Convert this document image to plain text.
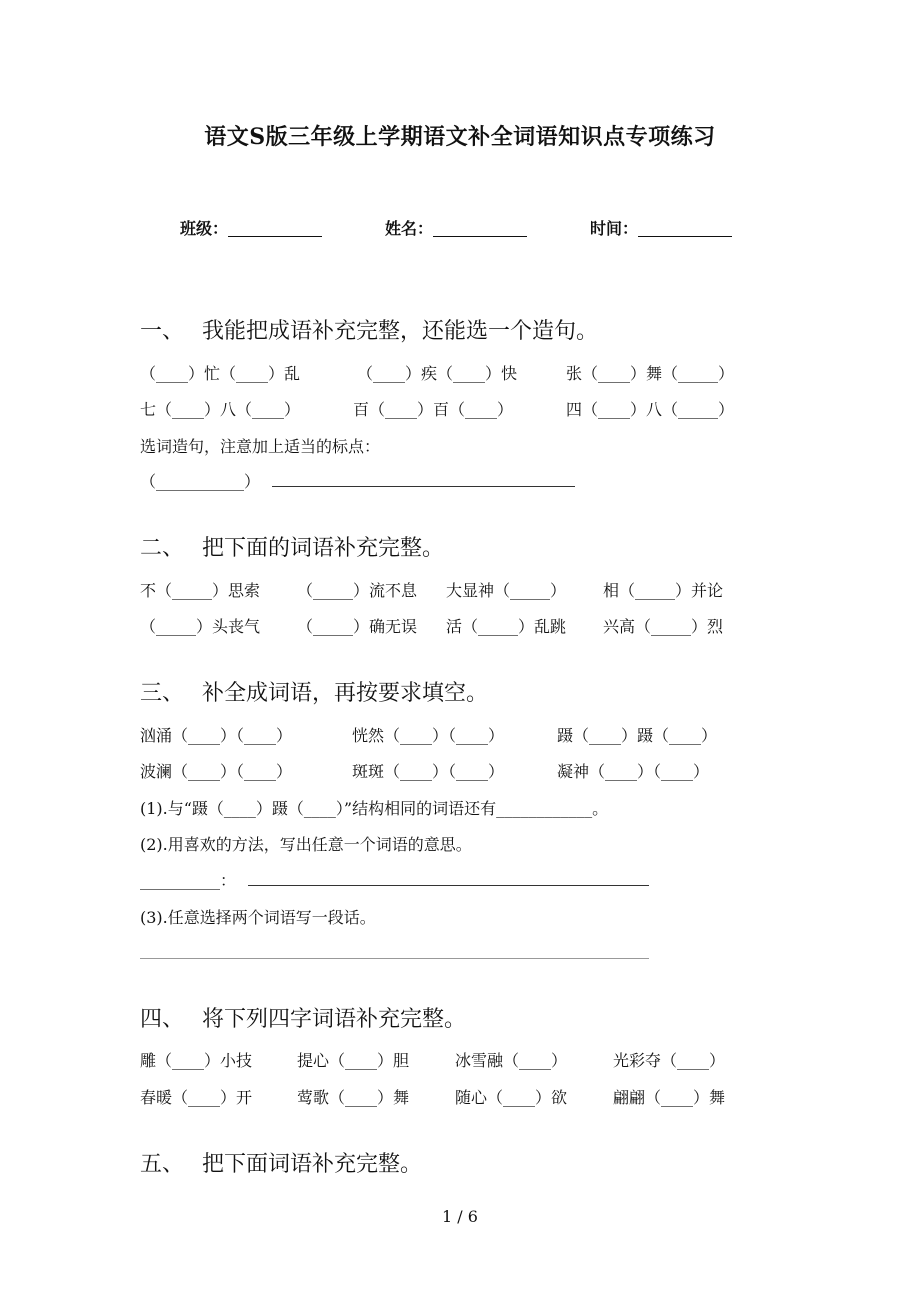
语文S版三年级上学期语文补全词语知识点专项练习
班级：	姓名：	时间：
一、 我能把成语补充完整，还能选一个造句。
（____）忙（____）乱	（____）疾（____）快	张（____）舞（_____）
七（____）八（____）	百（____）百（____）	四（____）八（_____）
选词造句，注意加上适当的标点：
（___________）
二、 把下面的词语补充完整。
不（_____）思索 （_____）流不息 大显神（_____） 相（_____）并论
（_____）头丧气 （_____）确无误 活（_____）乱跳 兴高（_____）烈
三、 补全成词语，再按要求填空。
汹涌（____）（____）	恍然（____）（____）	蹑（____）蹑（____）
波澜（____）（____）	斑斑（____）（____）	凝神（____）（____）
(1).与“蹑（____）蹑（____）”结构相同的词语还有____________。
(2).用喜欢的方法，写出任意一个词语的意思。
__________：
(3).任意选择两个词语写一段话。
四、 将下列四字词语补充完整。
雕（____）小技	提心（____）胆	冰雪融（____）	光彩夺（____）
春暖（____）开	莺歌（____）舞	随心（____）欲	翩翩（____）舞
五、 把下面词语补充完整。
1 / 6
